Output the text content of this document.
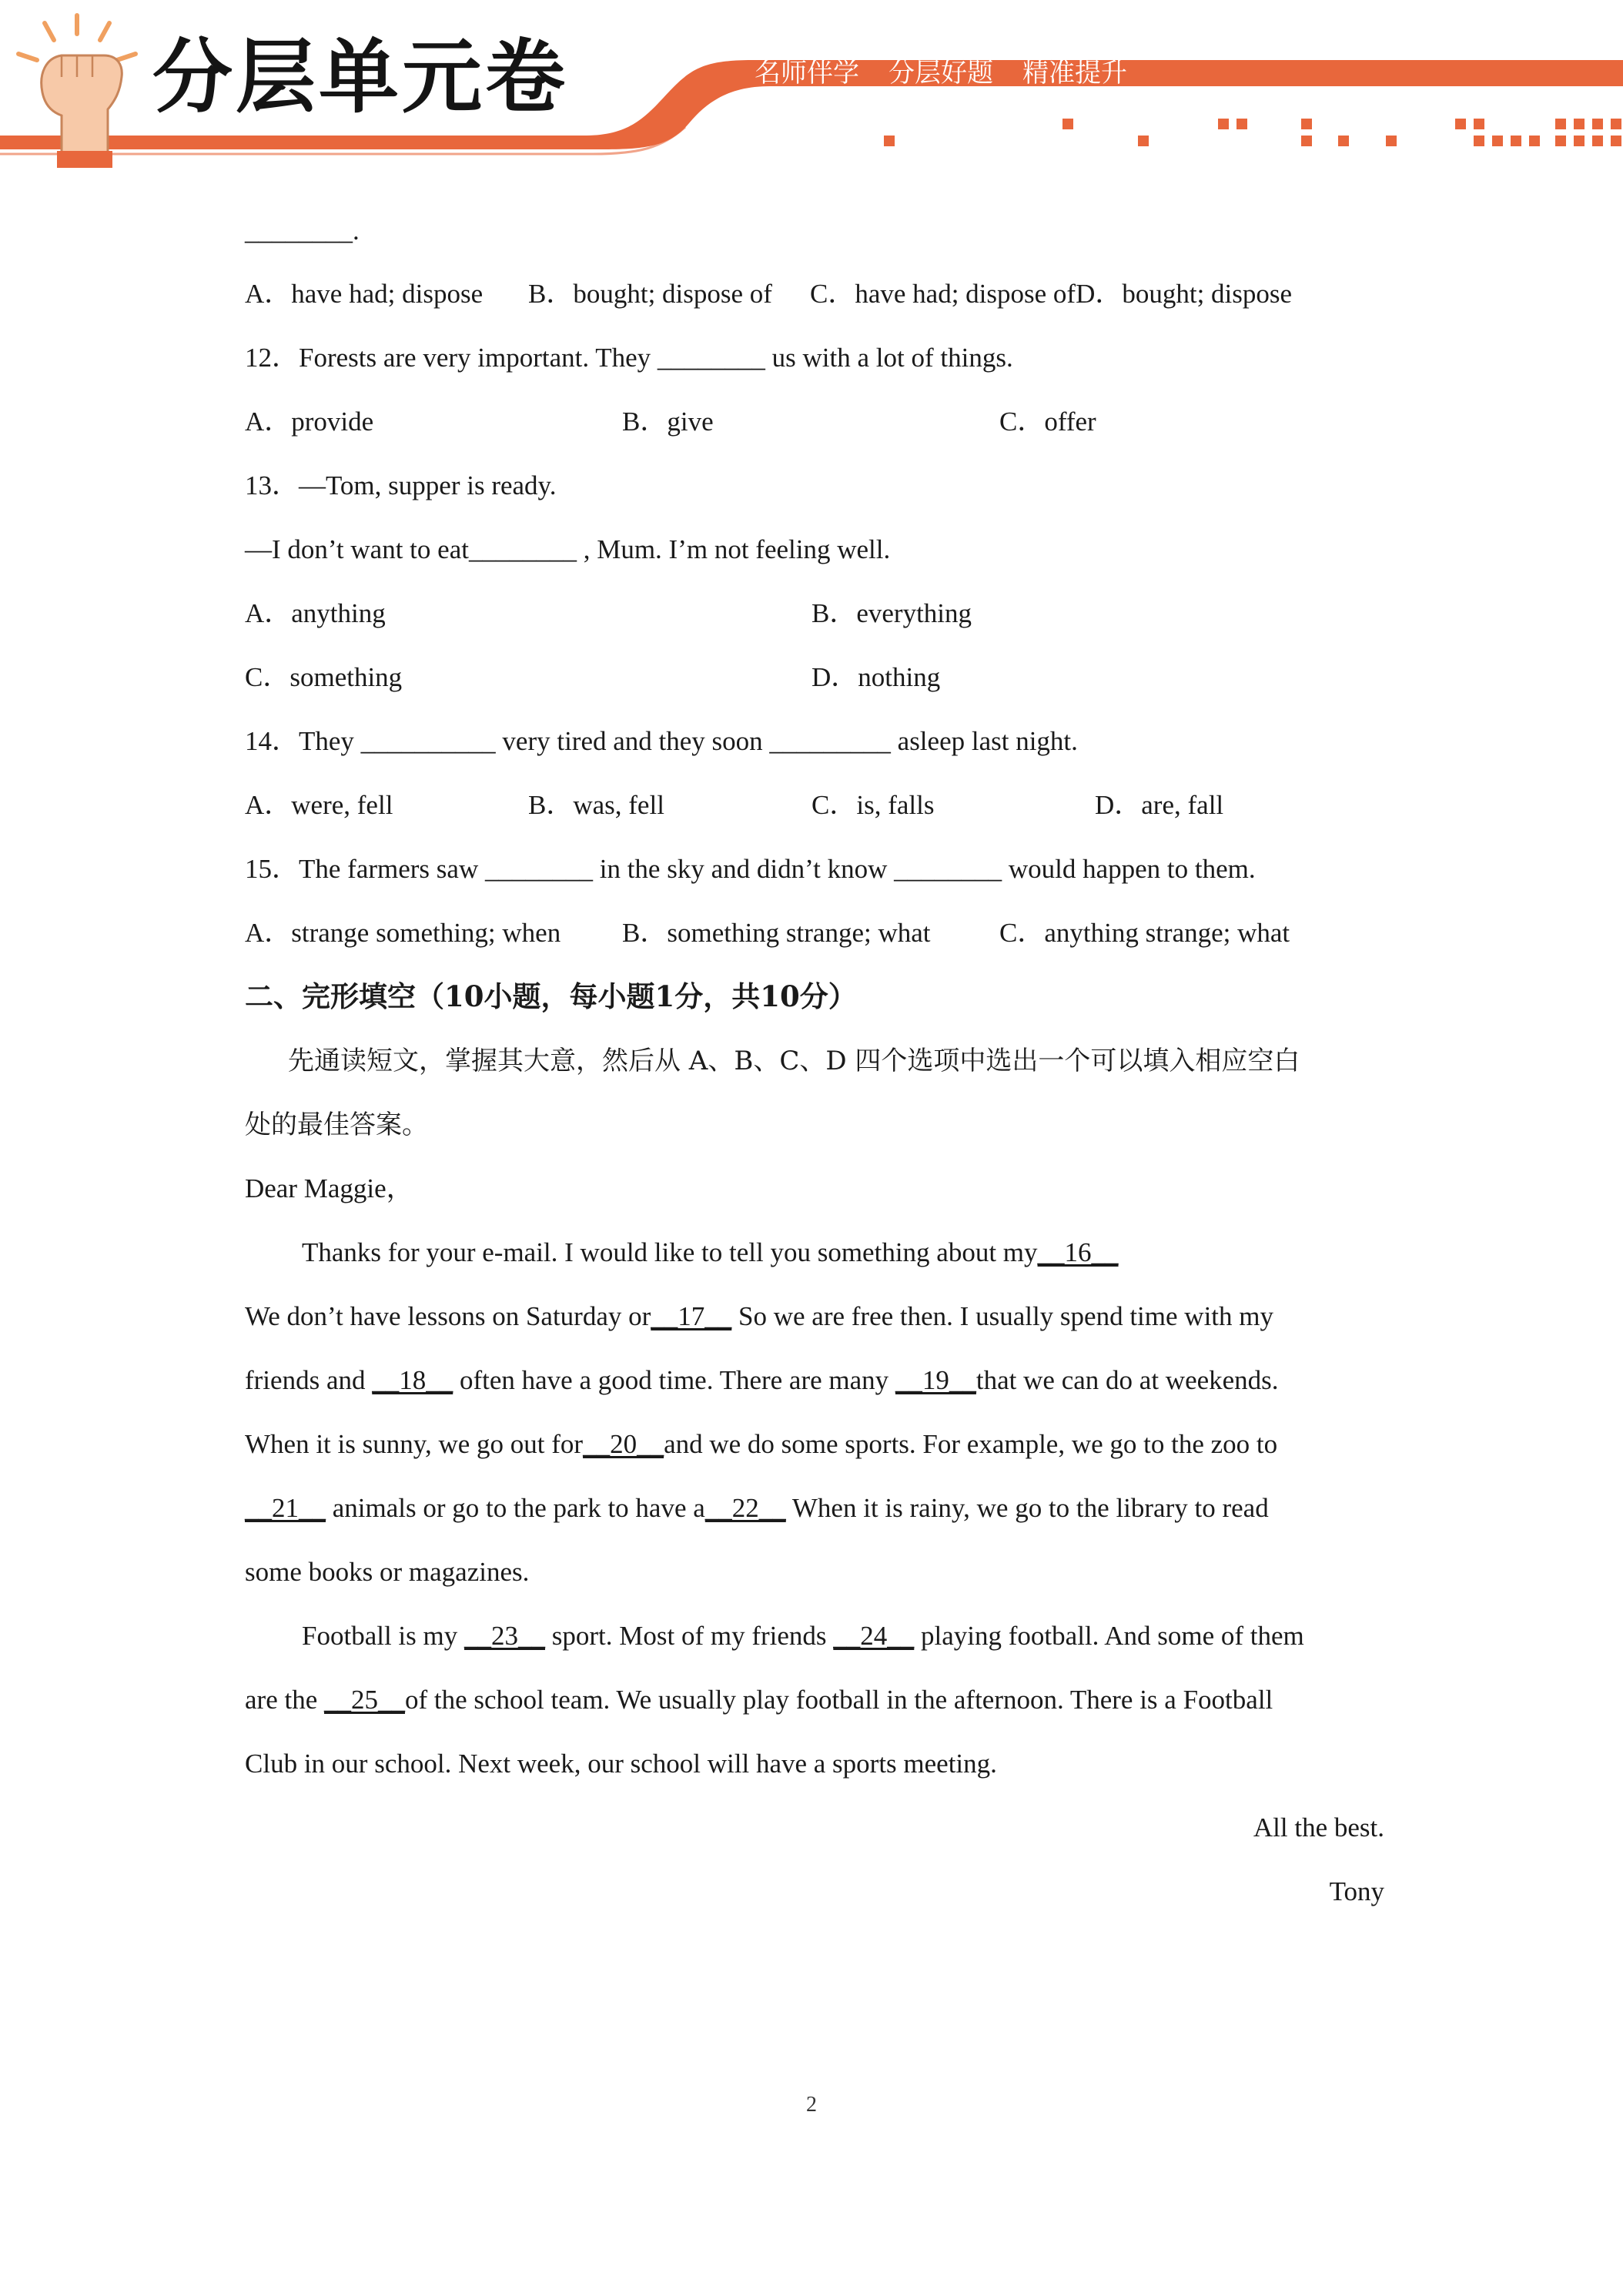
分层单元卷	名师伴学 分层好题 精准提升
________.
A．have had; dispose B．bought; dispose of C．have had; dispose ofD．bought; dispose
12．Forests are very important. They ________ us with a lot of things.
A．provide	B．give	C．offer
13．—Tom, supper is ready.
—I don’t want to eat________ , Mum. I’m not feeling well.
A．anything	B．everything
C．something	D．nothing
14．They __________ very tired and they soon _________ asleep last night.
A．were, fell	B．was, fell	C．is, falls	D．are, fall
15．The farmers saw ________ in the sky and didn’t know ________ would happen to them.
A．strange something; when B．something strange; what	C．anything strange; what
二、完形填空（10小题，每小题1分，共10分）
先通读短文，掌握其大意，然后从 A、B、C、D 四个选项中选出一个可以填入相应空白
处的最佳答案。
Dear Maggie，
Thanks for your e-mail. I would like to tell you something about my__16__
We don’t have lessons on Saturday or__17__ So we are free then. I usually spend time with my
friends and __18__ often have a good time. There are many __19__that we can do at weekends.
When it is sunny, we go out for__20__and we do some sports. For example, we go to the zoo to
__21__ animals or go to the park to have a__22__ When it is rainy, we go to the library to read
some books or magazines.
Football is my __23__ sport. Most of my friends __24__ playing football. And some of them
are the __25__of the school team. We usually play football in the afternoon. There is a Football
Club in our school. Next week, our school will have a sports meeting.
All the best.
Tony
2
